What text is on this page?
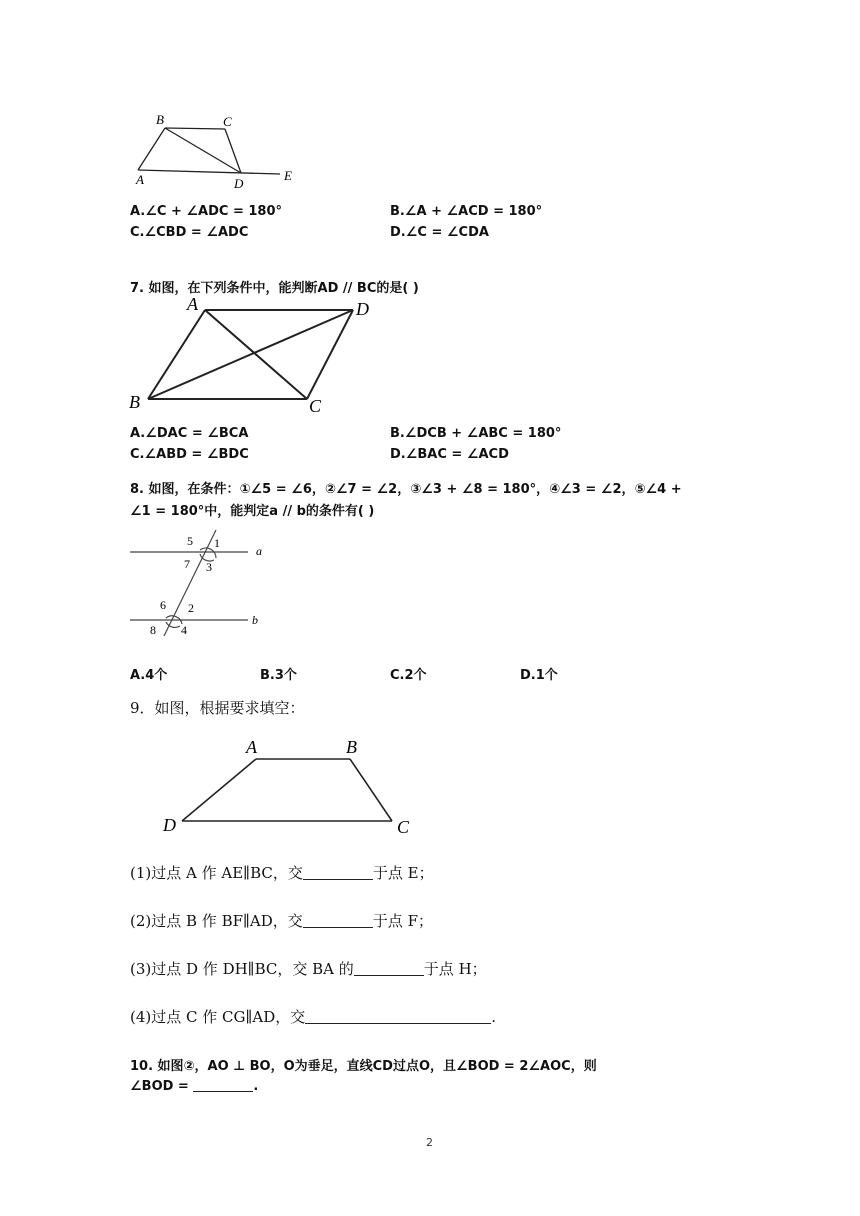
B	C
A	D
E
A.∠C + ∠ADC = 180°	B.∠A + ∠ACD = 180°
C.∠CBD = ∠ADC	D.∠C = ∠CDA
7. 如图，在下列条件中，能判断AD // BC的是( )
A	D
B	C
A.∠DAC = ∠BCA	B.∠DCB + ∠ABC = 180°
C.∠ABD = ∠BDC	D.∠BAC = ∠ACD
8. 如图，在条件：①∠5 = ∠6，②∠7 = ∠2，③∠3 + ∠8 = 180°，④∠3 = ∠2，⑤∠4 +
∠1 = 180°中，能判定a // b的条件有( )
5 1
7 3
a
6 2
8 4
b
A.4个	B.3个	C.2个	D.1个
9．如图，根据要求填空：
A	B
D	C
(1)过点 A 作 AE∥BC，交	于点 E；
(2)过点 B 作 BF∥AD，交	于点 F；
(3)过点 D 作 DH∥BC，交 BA 的	于点 H；
(4)过点 C 作 CG∥AD，交	.
10. 如图②，AO ⊥ BO，O为垂足，直线CD过点O，且∠BOD = 2∠AOC，则
∠BOD =	.
2
